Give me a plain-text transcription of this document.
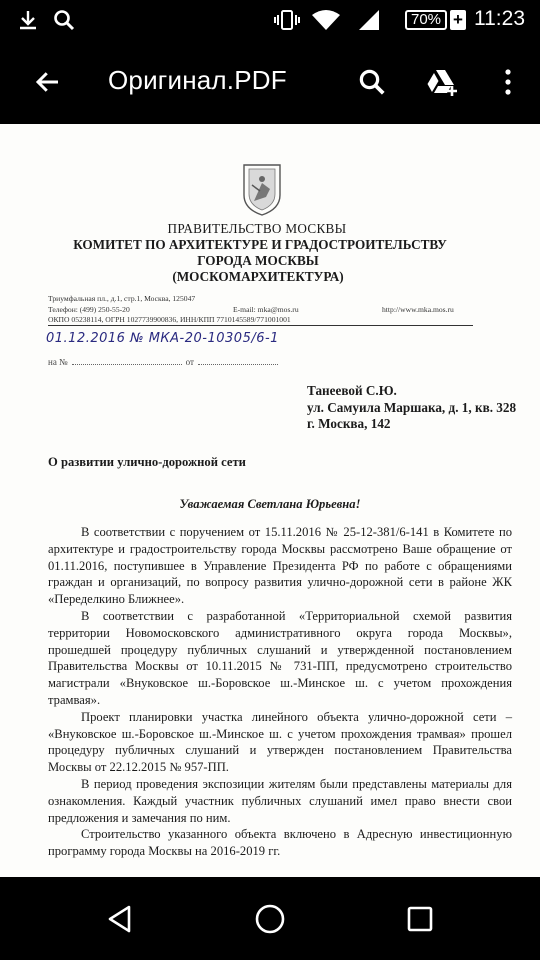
70% + 11:23
Оригинал.PDF
ПРАВИТЕЛЬСТВО МОСКВЫ
КОМИТЕТ ПО АРХИТЕКТУРЕ И ГРАДОСТРОИТЕЛЬСТВУ
ГОРОДА МОСКВЫ
(МОСКОМАРХИТЕКТУРА)
Триумфальная пл., д.1, стр.1, Москва, 125047
Телефон: (499) 250-55-20	E-mail: mka@mos.ru	http://www.mka.mos.ru
ОКПО 05238114, ОГРН 1027739900836, ИНН/КПП 7710145589/771001001
01.12.2016 № МКА-20-10305/6-1
на №	от
Танеевой С.Ю.
ул. Самуила Маршака, д. 1, кв. 328
г. Москва, 142
О развитии улично-дорожной сети
Уважаемая Светлана Юрьевна!

В соответствии с поручением от 15.11.2016 № 25-12-381/6-141 в Комитете по архитектуре и градостроительству города Москвы рассмотрено Ваше обращение от 01.11.2016, поступившее в Управление Президента РФ по работе с обращениями граждан и организаций, по вопросу развития улично-дорожной сети в районе ЖК «Переделкино Ближнее».

В соответствии с разработанной «Территориальной схемой развития территории Новомосковского административного округа города Москвы», прошедшей процедуру публичных слушаний и утвержденной постановлением Правительства Москвы от 10.11.2015 № 731-ПП, предусмотрено строительство магистрали «Внуковское ш.-Боровское ш.-Минское ш. с учетом прохождения трамвая».

Проект планировки участка линейного объекта улично-дорожной сети – «Внуковское ш.-Боровское ш.-Минское ш. с учетом прохождения трамвая» прошел процедуру публичных слушаний и утвержден постановлением Правительства Москвы от 22.12.2015 № 957-ПП.

В период проведения экспозиции жителям были представлены материалы для ознакомления. Каждый участник публичных слушаний имел право внести свои предложения и замечания по ним.

Строительство указанного объекта включено в Адресную инвестиционную программу города Москвы на 2016-2019 гг.
